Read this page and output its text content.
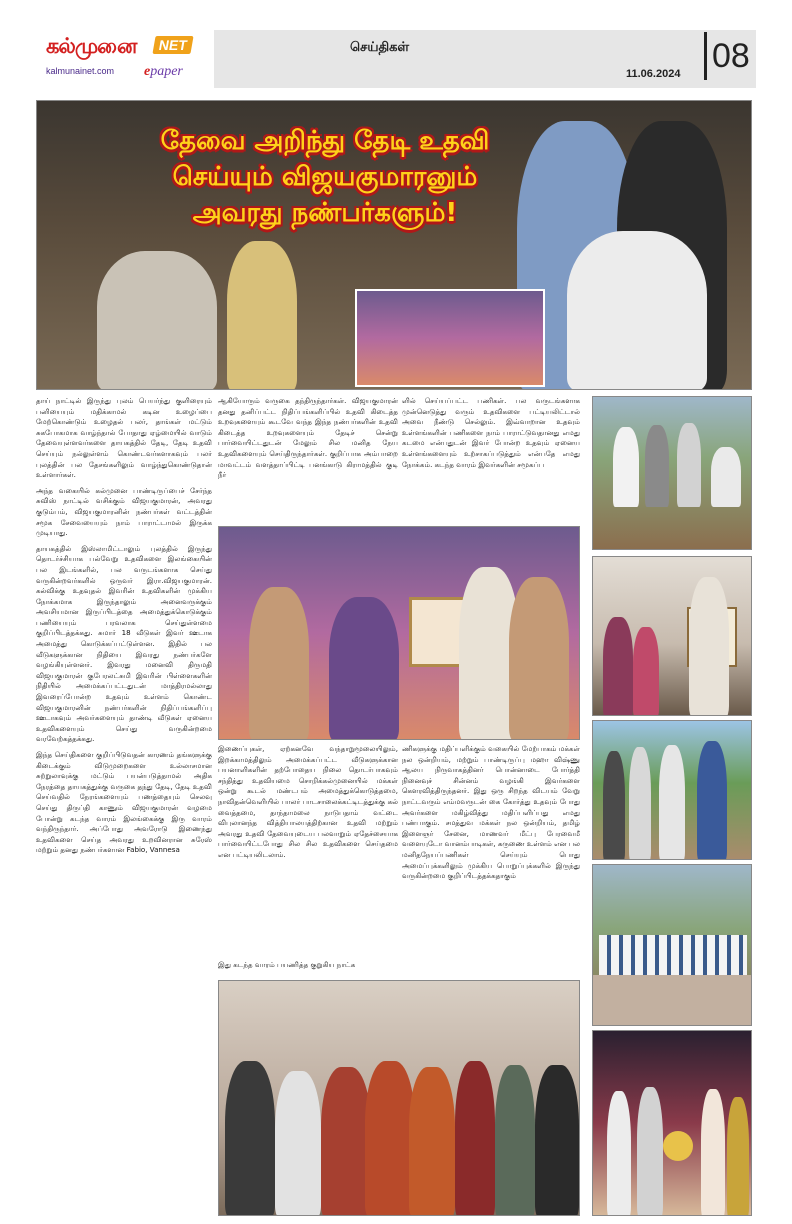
கல்முனை	NET
kalmunainet.com epaper
செய்திகள்
11.06.2024 08
தேவை அறிந்து தேடி உதவி
செய்யும் விஜயகுமாரனும்
அவரது நண்பர்களும்!

தாய் நாட்டில் இருந்து புலம் பெயர்ந்து குளிரையும் பனியையும் மதிக்காமல் கடின உழைப்பை மேற்கொண்டும் உழைதல் பலர், தாங்கள் மட்டும் சுகபோகமாக வாழ்ந்தால் போதாது ஏழ்மையில் வாடும் தேவையுள்ளவர்களை தாயகத்தில் தேடி, தேடி உதவி செய்யும் நல்லுள்ளம் கொண்டவர்களாகவும் பலர் புலத்தின் பல தேசங்களிலும் வாழ்ந்துகொண்டுதான் உள்ளார்கள்.

அந்த வகையில் கல்முனை பாண்டிருப்பைச் சேர்ந்த சுவிஸ் நாட்டில் வசிக்கும் விஜயகுமாரன், அவரது குடும்பம், விஜயகுமாரனின் நண்பர்கள் வட்டத்தின் சமூக சேவையையும் நாம் பாராட்டாமல் இருக்க முடியாது.

தாயகத்தில் இஸ்லாமிட்டாலும் புலத்தில் இருந்து தொடர்ச்சியாக பல்வேறு உதவிகளை இலங்கையின் பல இடங்களில், பல வருடங்களாக செய்து வருகின்றவர்களில் ஒருவர் இரா.விஜயகுமாரன். கல்விக்கு உதவுதல் இவரின் உதவிகளின் முக்கிய நோக்கமாக இருந்தாலும் அனைவருக்கும் அவசியமான இருப்பிடத்தை அமைத்துக்கொடுக்கும் பணியையும் பரவலாக செய்துள்ளமை குறிப்பிடத்தக்கது. சுமார் 18 வீடுகள் இவர் ஊடாக அமைத்து கொடுக்கப்பட்டுள்ளன. இதில் பல வீடுகளுக்கான நிதியை இவரது நண்பர்களே வழங்கியுள்ளனர். இவரது மனைவி திருமதி விஜயகுமாரன் குபேரலட்சுமி இவரின் பிள்ளைகளின் நிதியில் அமைக்கப்பட்டதுடன் மாத்திரமல்லாது இவரைப்போன்ற உதவும் உள்ளம் கொண்ட விஜயகுமாரனின் நண்பர்களின் நிதிப்பங்களிப்பு ஊடாகவும் அவர்களையும் தாண்டி வீடுகள் ஏனைய உதவிகளையும் செய்து வருகின்றமை வரவேற்கத்தக்கது.

இந்த செய்திகளை குறிப்பிடுவதன் காரணம் தங்களுக்கு கிடைக்கும் விடுமுறைகளை உல்லாசமான சுற்றுலாவுக்கு மட்டும் பயன்படுத்தாமல் அதிக நேரத்தை தாயகத்துக்கு வருகை தந்து தேடி, தேடி உதவி செய்வதில் நேரங்களையும் பணத்தையும் செலவு செய்து திருப்தி காணும் விஜயகுமாரன் வழமை போன்று கடந்த வாரம் இலங்கைக்கு இரு வாரம் வந்திருந்தார். அப்போது அவரோடு இணைந்து உதவிகளை செய்த அவரது உறவினரான சுரேஸ் மற்றும் தனது நண்பர்களான Fabio, Vannesa

ஆகியோரும் வருகை தந்திருந்தார்கள். விஜயகுமாரன் தனது தனிப்பட்ட நிதிப்பங்களிப்பில் உதவி கிடைத்த உறவுகளையும் கூடவே வந்த இந்த நண்பர்களின் உதவி கிடைத்த உறவுகளையும் தேடிச் சென்று பார்வையிட்டதுடன் மேலும் சில மனித நேய உதவிகளையும் செய்திருந்தார்கள். குறிப்பாக அம்பாறை மாவட்டம் வளத்தாப்பிட்டி பனங்காடு கிராமத்தில் குடி நீர்

இணைப்புகள், ஏற்கனவே வந்தாறுமூலையிலும், இறக்காமத்திலும் அமைக்கப்பட்ட வீடுகளுக்கான பயனாளிகளின் தற்போதைய நிலை தொடர்பாகவும் சந்தித்து உதவியமை சொறிக்கல்முனையில் மக்கள் ஒன்று கூடல் மண்டபம் அமைத்துக்கொடுத்தமை, நாவிதன்வெளியில் பாலர் பாடசாலைக்கட்டிடத்துக்கு கல் வைத்தமை, தாந்தாமலை நாடுபதாம் வட்டை விபுலானந்த வித்தியாலயத்திற்கான உதவி மற்றும் அவரது உதவி தேவையுடைய பலவாறும் ஏதேச்சையாக பார்வையிட்டபோது சில சில உதவிகளை செய்தமை என பட்டியலிடலாம்.

இது கடந்த வாரம் பயணித்த குறுகிய நாட்க

ளில் செய்யப்பட்ட பணிகள். பல வருடங்களாக முன்னெடுத்து வரும் உதவிகளை பட்டியலிட்டால் அவை நீண்டு செல்லும். இவ்வாறான உதவும் உள்ளங்களின் பணிகளை நாம் பாராட்டுவதானது எமது கடமை என்பதுடன் இவர் போன்ற உதவும் ஏனைய உள்ளங்களையும் உற்சாகப்படுத்தும் என்பதே எமது நோக்கம். கடந்த வாரம் இவர்களின் சமூகப்ப

ணிகளுக்கு மதிப்பளிக்கும் வகையில் மேற்பாகம் மக்கள் நல ஒன்றியம், மற்றும் பாண்டிருப்பு மஹா விஷ்ணு ஆலய நிருவாகத்தினர் பொன்னாடை போர்த்தி நினைவுச் சின்னம் வழங்கி இவர்களை கௌரவித்திருந்தனர். இது ஒரு சிறந்த விடயம் வேறு நாட்டவரும் எம்மவருடன் கை கோர்த்து உதவும் போது அவர்களை மகிழ்வித்து மதிப்பளிப்பது எமது பண்பாகும். சமத்துவ மக்கள் நல ஒன்றியம், தமிழ் இளைஞர் சேனை, மாணவர் மீட்பு பேரவைமீ வளையுடோ வானம்பாடிகள், கருணை உள்ளம் என பல மனிதநேயப்பணிகள் செய்யும் பொது அமைப்புக்களிலும் முக்கிய பொறுப்புக்களில் இருந்து வருகின்றமை குறிப்பிடத்தக்கதாகும்
